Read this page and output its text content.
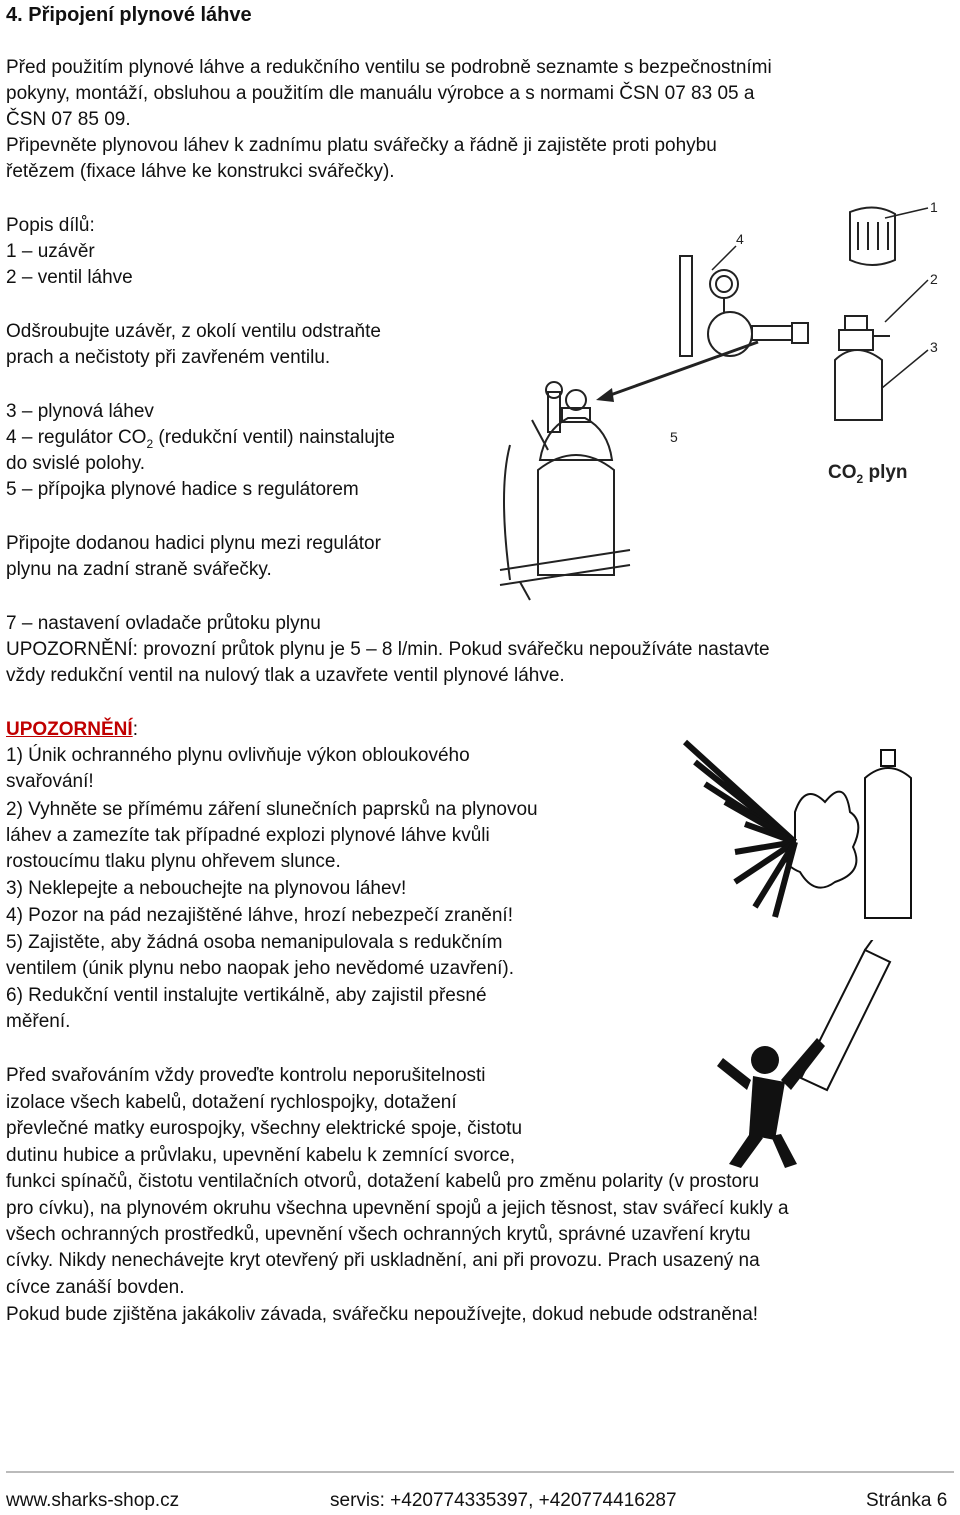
4. Připojení plynové láhve
Před použitím plynové láhve a redukčního ventilu se podrobně seznamte s bezpečnostními
pokyny, montáží, obsluhou a použitím dle manuálu výrobce a s normami ČSN 07 83 05 a
ČSN 07 85 09.
Připevněte plynovou láhev k zadnímu platu svářečky a řádně ji zajistěte proti pohybu
řetězem (fixace láhve ke konstrukci svářečky).
Popis dílů:
1 – uzávěr
2 – ventil láhve
Odšroubujte uzávěr, z okolí ventilu odstraňte
prach a nečistoty při zavřeném ventilu.
3 – plynová láhev
4 – regulátor $CO_2$ (redukční ventil) nainstalujte
do svislé polohy.
5 – přípojka plynové hadice s regulátorem
Připojte dodanou hadici plynu mezi regulátor
plynu na zadní straně svářečky.
7 – nastavení ovladače průtoku plynu
UPOZORNĚNÍ: provozní průtok plynu je 5 – 8 l/min. Pokud svářečku nepoužíváte nastavte
vždy redukční ventil na nulový tlak a uzavřete ventil plynové láhve.
1
2
3
4
5
$CO_2$ plyn
UPOZORNĚNÍ:
1) Únik ochranného plynu ovlivňuje výkon obloukového
svařování!
2) Vyhněte se přímému záření slunečních paprsků na plynovou
láhev a zamezíte tak případné explozi plynové láhve kvůli
rostoucímu tlaku plynu ohřevem slunce.
3) Neklepejte a nebouchejte na plynovou láhev!
4) Pozor na pád nezajištěné láhve, hrozí nebezpečí zranění!
5) Zajistěte, aby žádná osoba nemanipulovala s redukčním
ventilem (únik plynu nebo naopak jeho nevědomé uzavření).
6) Redukční ventil instalujte vertikálně, aby zajistil přesné
měření.
Před svařováním vždy proveďte kontrolu neporušitelnosti
izolace všech kabelů, dotažení rychlospojky, dotažení
převlečné matky eurospojky, všechny elektrické spoje, čistotu
dutinu hubice a průvlaku, upevnění kabelu k zemnící svorce,
funkci spínačů, čistotu ventilačních otvorů, dotažení kabelů pro změnu polarity (v prostoru
pro cívku), na plynovém okruhu všechna upevnění spojů a jejich těsnost, stav svářecí kukly a
všech ochranných prostředků, upevnění všech ochranných krytů, správné uzavření krytu
cívky. Nikdy nenechávejte kryt otevřený při uskladnění, ani při provozu. Prach usazený na
cívce zanáší bovden.
Pokud bude zjištěna jakákoliv závada, svářečku nepoužívejte, dokud nebude odstraněna!
www.sharks-shop.cz	servis: +420774335397, +420774416287	Stránka 6
